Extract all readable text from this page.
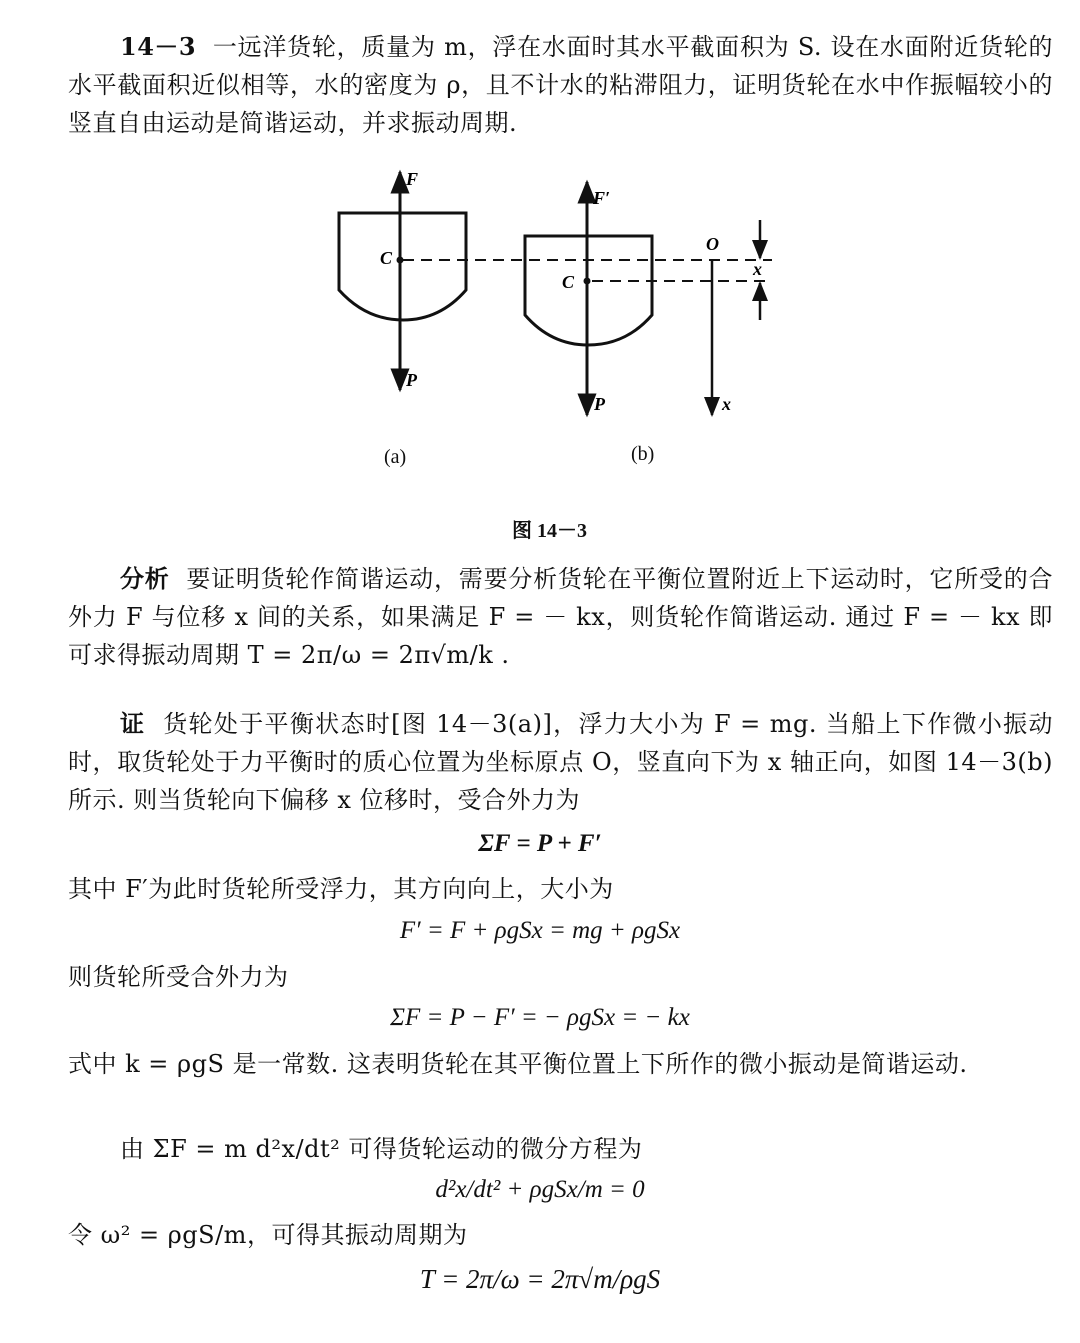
14－3 一远洋货轮，质量为 m，浮在水面时其水平截面积为 S. 设在水面附近货轮的水平截面积近似相等，水的密度为 ρ，且不计水的粘滞阻力，证明货轮在水中作振幅较小的竖直自由运动是简谐运动，并求振动周期.

F
C
P
F′
C
P
O
x
x
(a)	(b)
图 14－3

分析 要证明货轮作简谐运动，需要分析货轮在平衡位置附近上下运动时，它所受的合外力 F 与位移 x 间的关系，如果满足 F = － kx，则货轮作简谐运动. 通过 F = － kx 即可求得振动周期 T = 2π/ω = 2π√m/k .

证 货轮处于平衡状态时[图 14－3(a)]，浮力大小为 F = mg. 当船上下作微小振动时，取货轮处于力平衡时的质心位置为坐标原点 O，竖直向下为 x 轴正向，如图 14－3(b)所示. 则当货轮向下偏移 x 位移时，受合外力为

ΣF = P + F′

其中 F′为此时货轮所受浮力，其方向向上，大小为

F′ = F + ρgSx = mg + ρgSx

则货轮所受合外力为

ΣF = P − F′ = − ρgSx = − kx

式中 k = ρgS 是一常数. 这表明货轮在其平衡位置上下所作的微小振动是简谐运动.

由 ΣF = m d²x/dt² 可得货轮运动的微分方程为

d²x/dt² + ρgSx/m = 0

令 ω² = ρgS/m，可得其振动周期为

T = 2π/ω = 2π√m/ρgS
